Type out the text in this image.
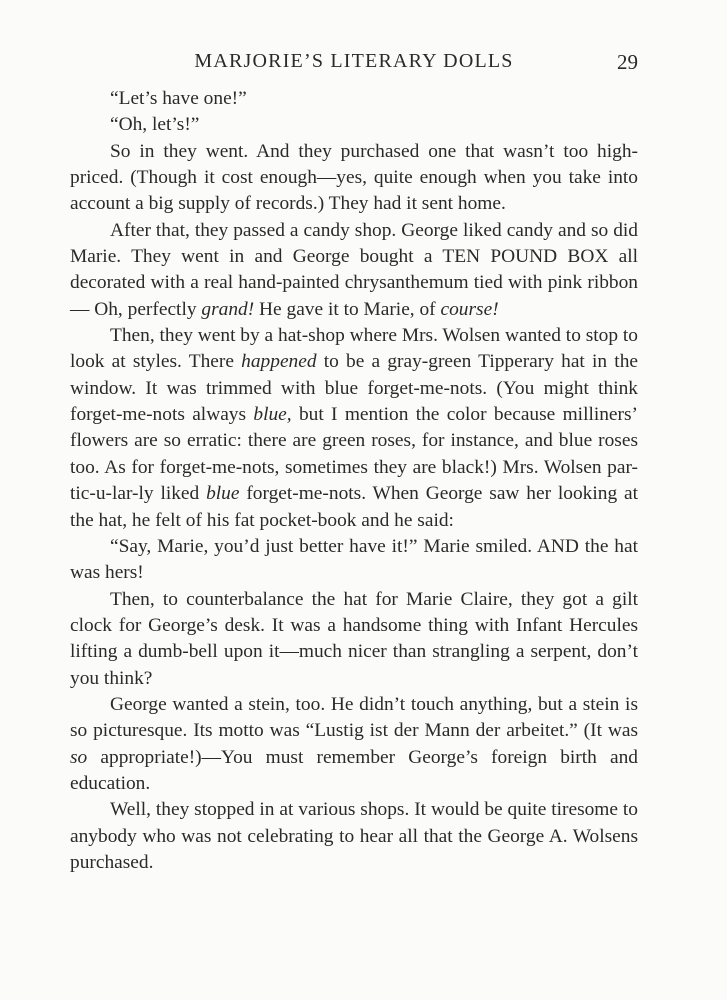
MARJORIE’S LITERARY DOLLS	29

“Let’s have one!”

“Oh, let’s!”

So in they went. And they purchased one that wasn’t too high-priced. (Though it cost enough—yes, quite enough when you take into account a big supply of records.) They had it sent home.

After that, they passed a candy shop. George liked candy and so did Marie. They went in and George bought a TEN POUND BOX all decorated with a real hand-painted chrysanthemum tied with pink ribbon— Oh, perfectly grand! He gave it to Marie, of course!

Then, they went by a hat-shop where Mrs. Wolsen wanted to stop to look at styles. There happened to be a gray-green Tipperary hat in the window. It was trimmed with blue forget-me-nots. (You might think forget-me-nots always blue, but I mention the color because milliners’ flowers are so erratic: there are green roses, for instance, and blue roses too. As for forget-me-nots, sometimes they are black!) Mrs. Wolsen par-tic-u-lar-ly liked blue forget-me-nots. When George saw her looking at the hat, he felt of his fat pocket-book and he said:

“Say, Marie, you’d just better have it!” Marie smiled. AND the hat was hers!

Then, to counterbalance the hat for Marie Claire, they got a gilt clock for George’s desk. It was a handsome thing with Infant Hercules lifting a dumb-bell upon it—much nicer than strangling a serpent, don’t you think?

George wanted a stein, too. He didn’t touch anything, but a stein is so picturesque. Its motto was “Lustig ist der Mann der arbeitet.” (It was so appropriate!)—You must remember George’s foreign birth and education.

Well, they stopped in at various shops. It would be quite tiresome to anybody who was not celebrating to hear all that the George A. Wolsens purchased.
